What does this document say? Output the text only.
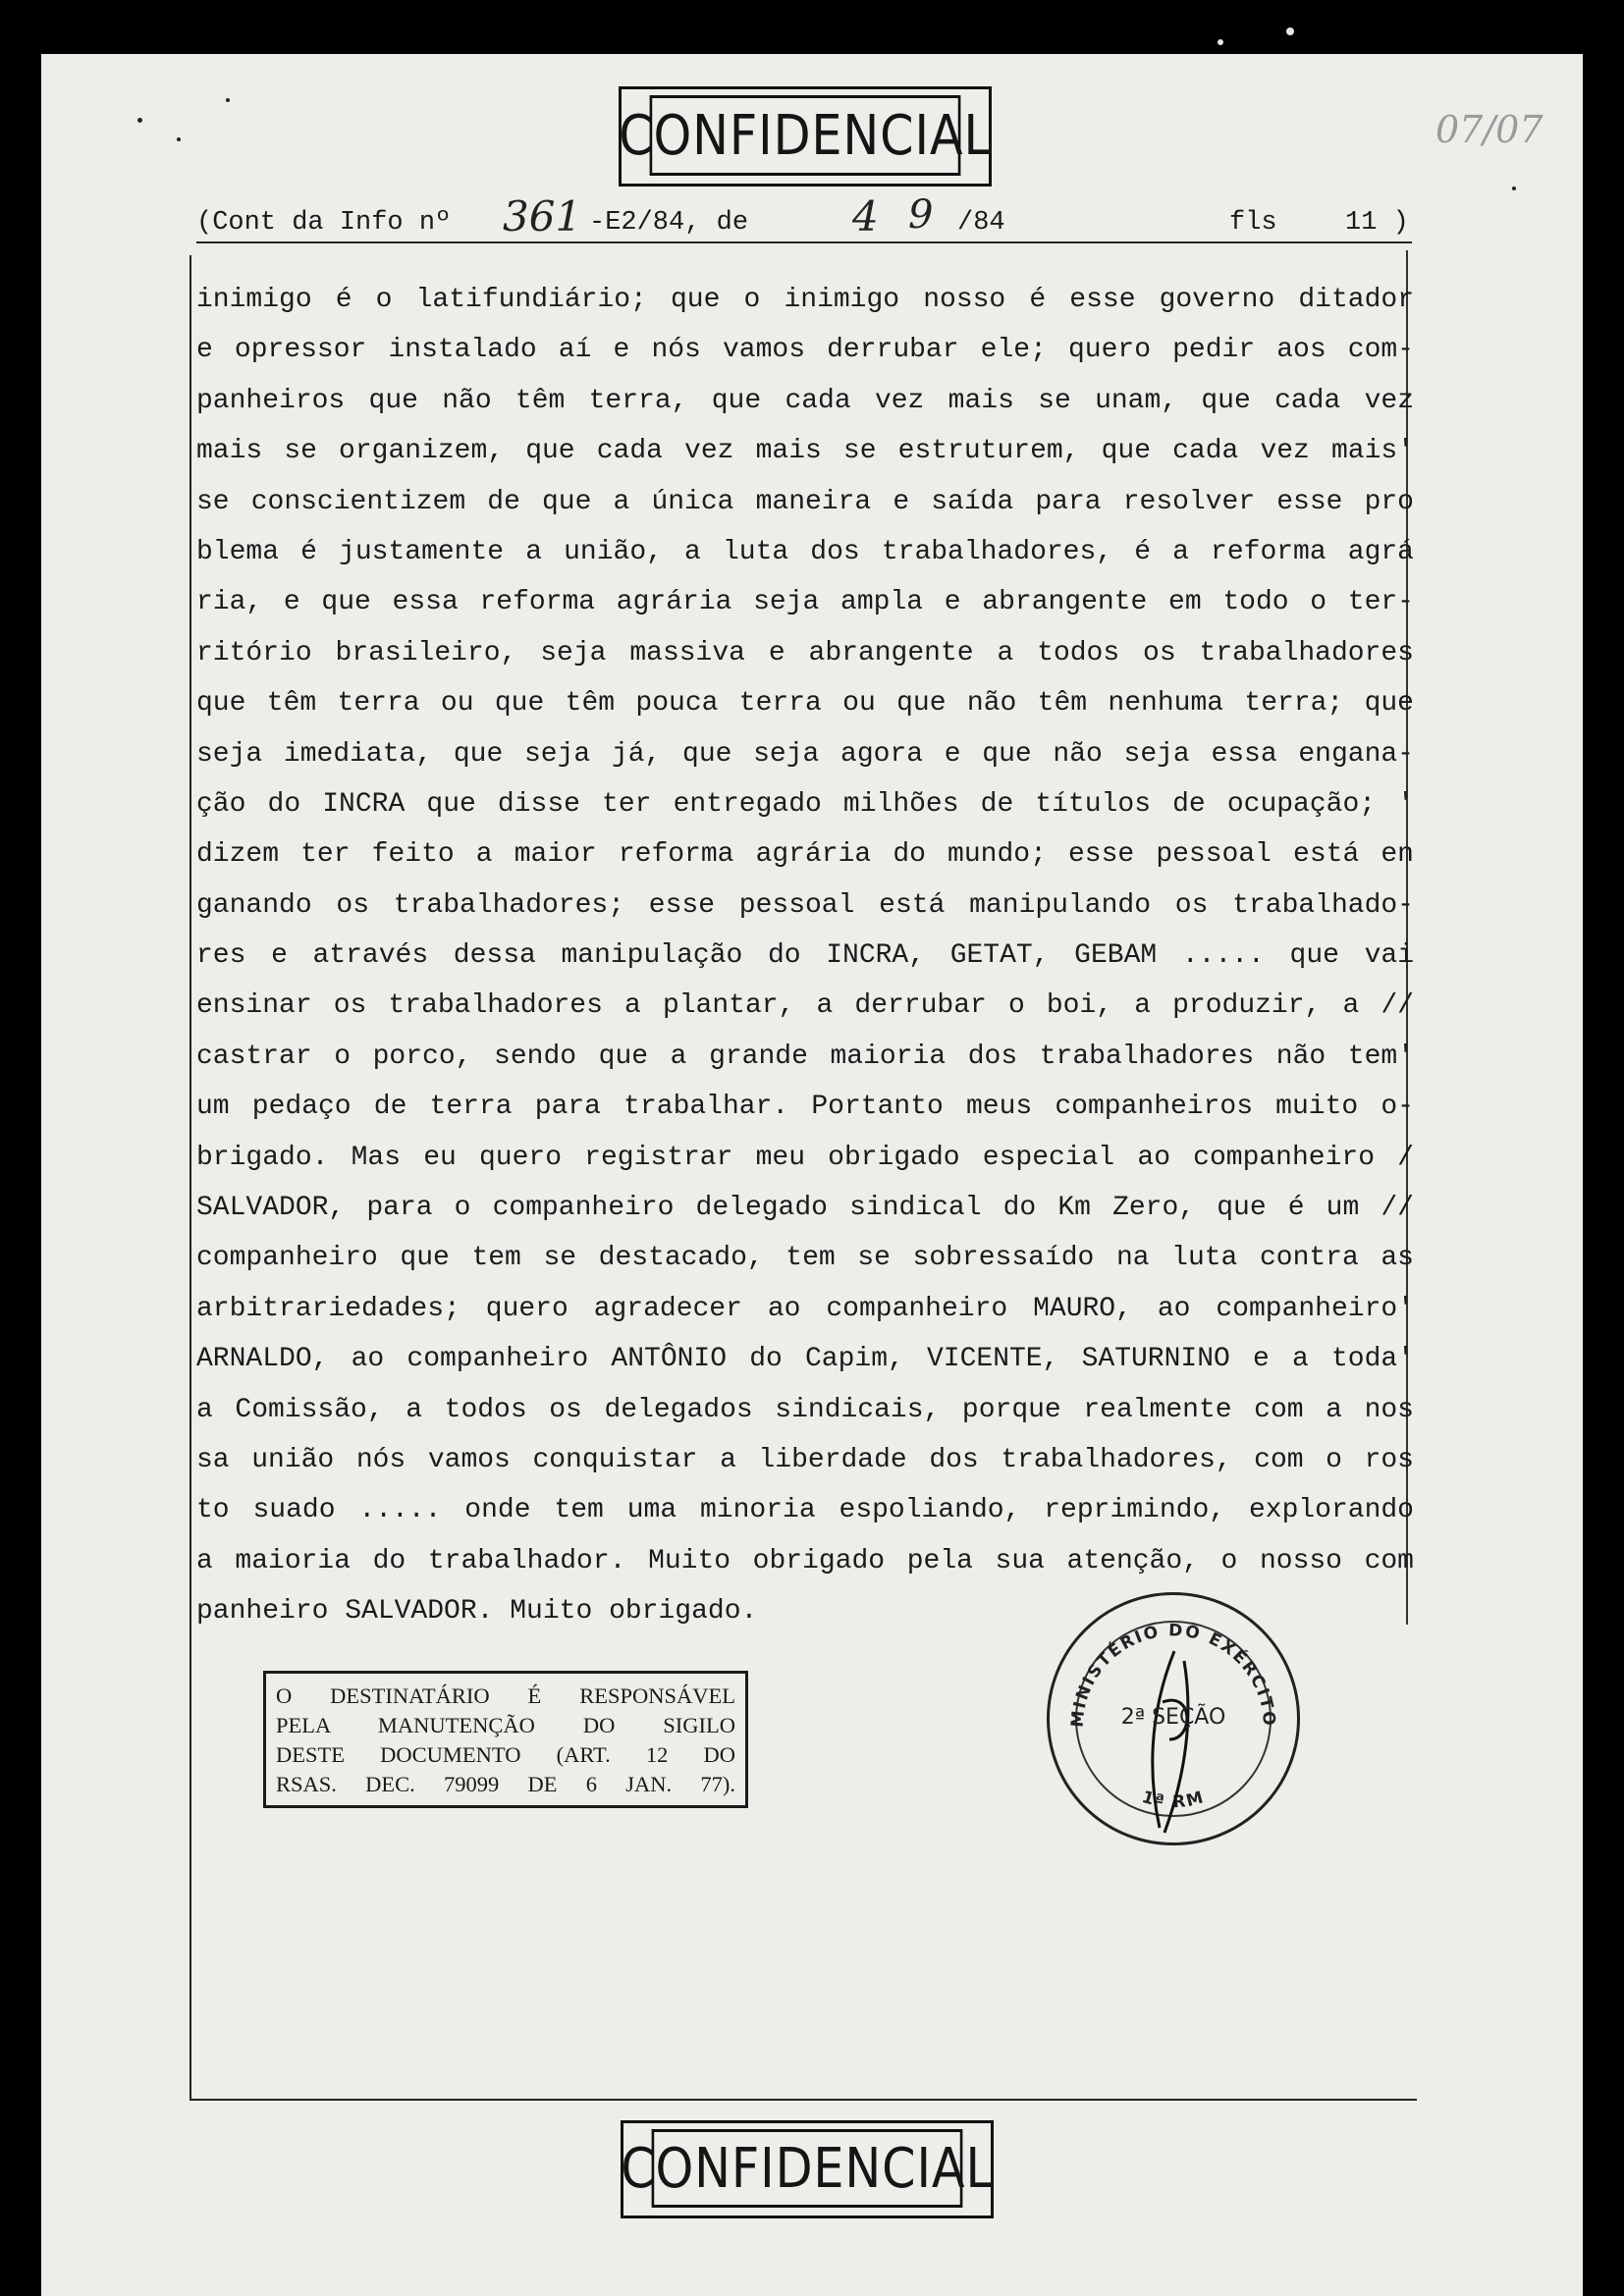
CONFIDENCIAL	07/07

(Cont da Info nº

361

-E2/84, de

	4

9

/84

	fls

	11 )

inimigo é o latifundiário; que o inimigo nosso é esse governo ditador
e opressor instalado aí e nós vamos derrubar ele; quero pedir aos com-
panheiros que não têm terra, que cada vez mais se unam, que cada vez
mais se organizem, que cada vez mais se estruturem, que cada vez mais'
se conscientizem de que a única maneira e saída para resolver esse pro
blema é justamente a união, a luta dos trabalhadores, é a reforma agrá
ria, e que essa reforma agrária seja ampla e abrangente em todo o ter-
ritório brasileiro, seja massiva e abrangente a todos os trabalhadores
que têm terra ou que têm pouca terra ou que não têm nenhuma terra; que
seja imediata, que seja já, que seja agora e que não seja essa engana-
ção do INCRA que disse ter entregado milhões de títulos de ocupação; '
dizem ter feito a maior reforma agrária do mundo; esse pessoal está en
ganando os trabalhadores; esse pessoal está manipulando os trabalhado-
res e através dessa manipulação do INCRA, GETAT, GEBAM ..... que vai
ensinar os trabalhadores a plantar, a derrubar o boi, a produzir, a //
castrar o porco, sendo que a grande maioria dos trabalhadores não tem'
um pedaço de terra para trabalhar. Portanto meus companheiros muito o-
brigado. Mas eu quero registrar meu obrigado especial ao companheiro /
SALVADOR, para o companheiro delegado sindical do Km Zero, que é um //
companheiro que tem se destacado, tem se sobressaído na luta contra as
arbitrariedades; quero agradecer ao companheiro MAURO, ao companheiro'
ARNALDO, ao companheiro ANTÔNIO do Capim, VICENTE, SATURNINO e a toda'
a Comissão, a todos os delegados sindicais, porque realmente com a nos
sa união nós vamos conquistar a liberdade dos trabalhadores, com o ros
to suado ..... onde tem uma minoria espoliando, reprimindo, explorando
a maioria do trabalhador. Muito obrigado pela sua atenção, o nosso com
panheiro SALVADOR. Muito obrigado.
O DESTINATÁRIO É RESPONSÁVEL
PELA MANUTENÇÃO DO SIGILO
DESTE DOCUMENTO (ART. 12 DO
RSAS. DEC. 79099 DE 6 JAN. 77).
MINISTÉRIO DO EXÉRCITO
1ª RM
2ª SEÇÃO
CONFIDENCIAL
